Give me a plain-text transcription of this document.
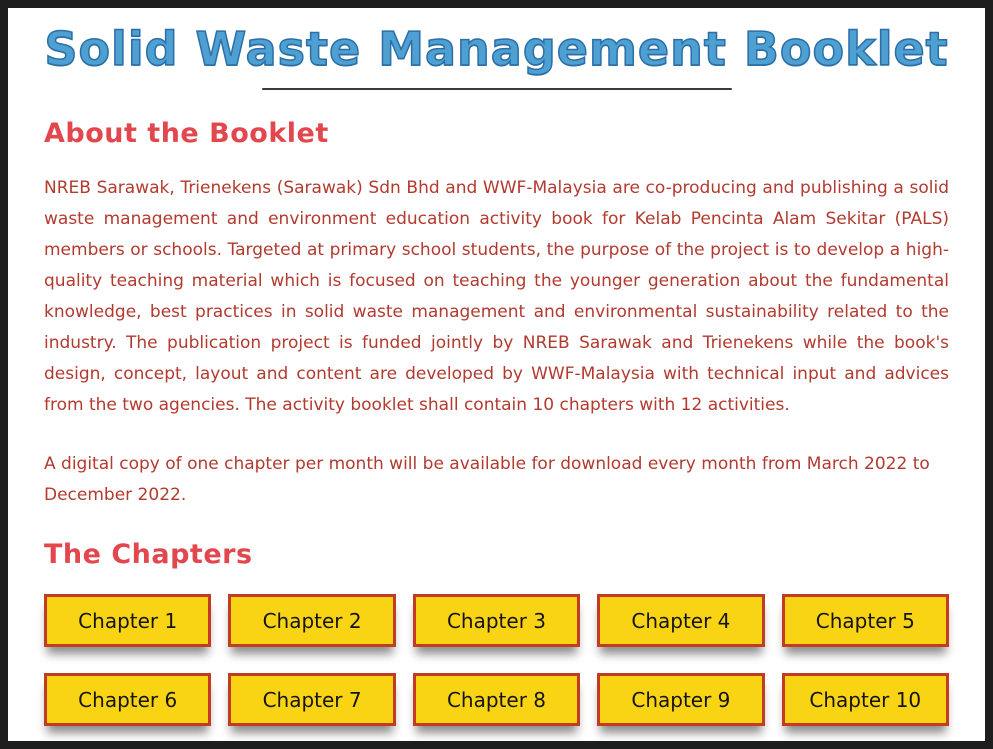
Solid Waste Management Booklet
About the Booklet

NREB Sarawak, Trienekens (Sarawak) Sdn Bhd and WWF-Malaysia are co-producing and publishing a solid waste management and environment education activity book for Kelab Pencinta Alam Sekitar (PALS) members or schools. Targeted at primary school students, the purpose of the project is to develop a high-quality teaching material which is focused on teaching the younger generation about the fundamental knowledge, best practices in solid waste management and environmental sustainability related to the industry. The publication project is funded jointly by NREB Sarawak and Trienekens while the book's design, concept, layout and content are developed by WWF-Malaysia with technical input and advices from the two agencies. The activity booklet shall contain 10 chapters with 12 activities.

A digital copy of one chapter per month will be available for download every month from March 2022 to December 2022.

The Chapters
Chapter 1	Chapter 2	Chapter 3	Chapter 4	Chapter 5
Chapter 6	Chapter 7	Chapter 8	Chapter 9	Chapter 10
